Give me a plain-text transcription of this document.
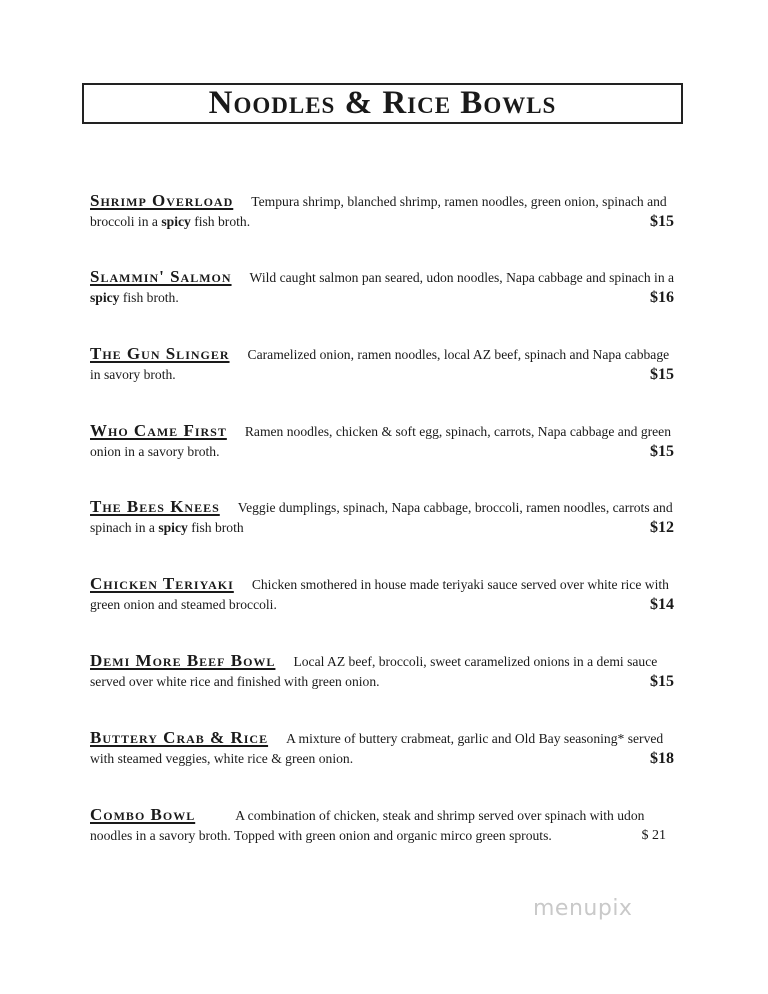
Noodles & Rice Bowls
Shrimp Overload Tempura shrimp, blanched shrimp, ramen noodles, green onion, spinach and broccoli in a spicy fish broth.	$15
Slammin' Salmon Wild caught salmon pan seared, udon noodles, Napa cabbage and spinach in a spicy fish broth.	$16
The Gun Slinger Caramelized onion, ramen noodles, local AZ beef, spinach and Napa cabbage in savory broth.	$15
Who Came First Ramen noodles, chicken & soft egg, spinach, carrots, Napa cabbage and green onion in a savory broth.	$15
The Bees Knees Veggie dumplings, spinach, Napa cabbage, broccoli, ramen noodles, carrots and spinach in a spicy fish broth	$12
Chicken Teriyaki Chicken smothered in house made teriyaki sauce served over white rice with green onion and steamed broccoli.	$14
Demi More Beef Bowl Local AZ beef, broccoli, sweet caramelized onions in a demi sauce served over white rice and finished with green onion.	$15
Buttery Crab & Rice A mixture of buttery crabmeat, garlic and Old Bay seasoning* served with steamed veggies, white rice & green onion.	$18
Combo Bowl	A combination of chicken, steak and shrimp served over spinach with udon noodles in a savory broth. Topped with green onion and organic mirco green sprouts.	$ 21
menupix
